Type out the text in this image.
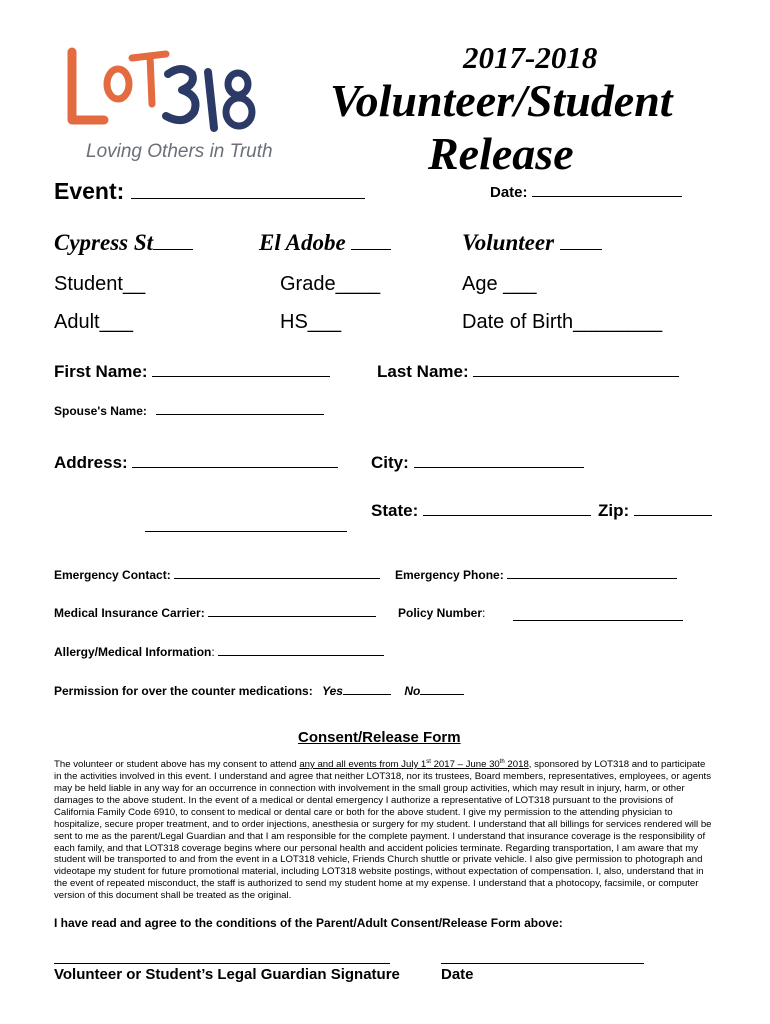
LOT318
Loving Others in Truth
2017-2018
Volunteer/Student
Release
Event:	Date:
Cypress St	El Adobe	Volunteer
Student__	Grade____	Age ___
Adult___	HS___	Date of Birth________
First Name:	Last Name:
Spouse's Name:
Address:	City:
State:	Zip:
Emergency Contact:	Emergency Phone:
Medical Insurance Carrier:	Policy Number:

Allergy/Medical Information:
Permission for over the counter medications: Yes	No
Consent/Release Form
The volunteer or student above has my consent to attend any and all events from July 1st 2017 – June 30th 2018, sponsored by LOT318 and to participate in the activities involved in this event. I understand and agree that neither LOT318, nor its trustees, Board members, representatives, employees, or agents may be held liable in any way for an occurrence in connection with involvement in the small group activities, which may result in injury, harm, or other damages to the above student. In the event of a medical or dental emergency I authorize a representative of LOT318 pursuant to the provisions of California Family Code 6910, to consent to medical or dental care or both for the above student. I give my permission to the attending physician to hospitalize, secure proper treatment, and to order injections, anesthesia or surgery for my student. I understand that all billings for services rendered will be sent to me as the parent/Legal Guardian and that I am responsible for the complete payment. I understand that insurance coverage is the responsibility of each family, and that LOT318 coverage begins where our personal health and accident policies terminate. Regarding transportation, I am aware that my student will be transported to and from the event in a LOT318 vehicle, Friends Church shuttle or private vehicle. I also give permission to photograph and videotape my student for future promotional material, including LOT318 website postings, without expectation of compensation. I, also, understand that in the event of repeated misconduct, the staff is authorized to send my student home at my expense. I understand that a photocopy, facsimile, or computer version of this document shall be treated as the original.
I have read and agree to the conditions of the Parent/Adult Consent/Release Form above:
Volunteer or Student’s Legal Guardian Signature	Date
